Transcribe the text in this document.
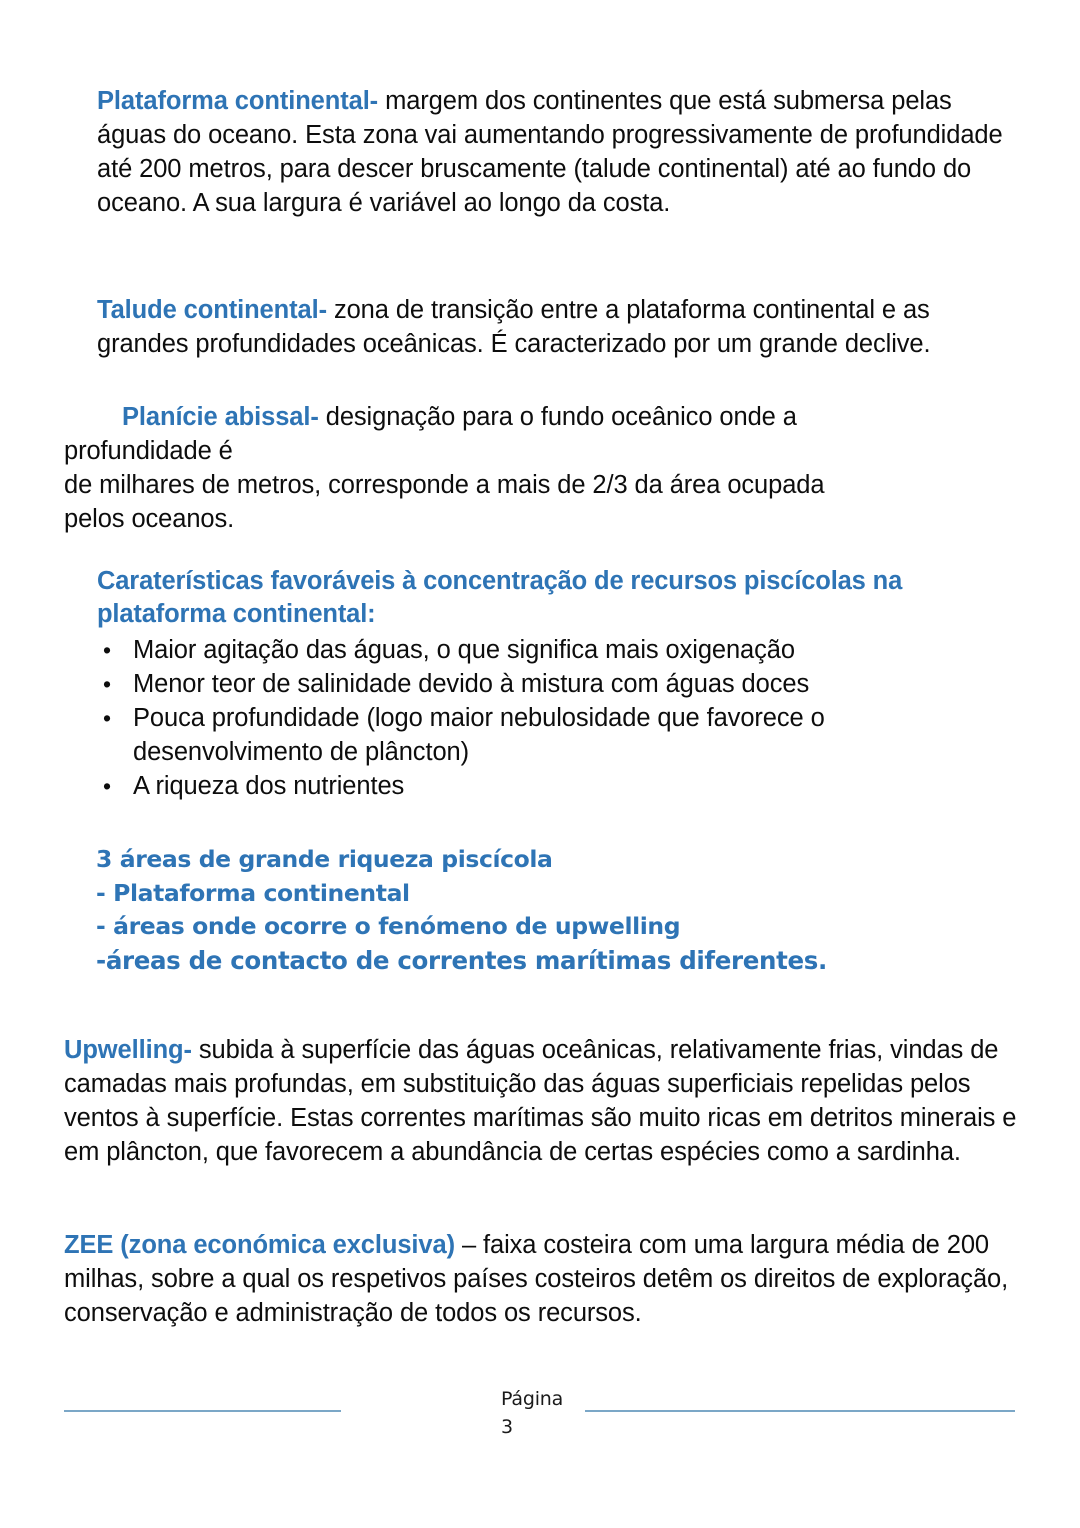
Plataforma continental- margem dos continentes que está submersa pelas águas do oceano. Esta zona vai aumentando progressivamente de profundidade até 200 metros, para descer bruscamente (talude continental) até ao fundo do oceano. A sua largura é variável ao longo da costa.

Talude continental- zona de transição entre a plataforma continental e as grandes profundidades oceânicas. É caracterizado por um grande declive.

Planície abissal- designação para o fundo oceânico onde a
profundidade é
de milhares de metros, corresponde a mais de 2/3 da área ocupada
pelos oceanos.
Caraterísticas favoráveis à concentração de recursos piscícolas na plataforma continental:
• Maior agitação das águas, o que significa mais oxigenação
• Menor teor de salinidade devido à mistura com águas doces
• Pouca profundidade (logo maior nebulosidade que favorece o desenvolvimento de plâncton)
• A riqueza dos nutrientes
3 áreas de grande riqueza piscícola
- Plataforma continental
- áreas onde ocorre o fenómeno de upwelling
-áreas de contacto de correntes marítimas diferentes.

Upwelling- subida à superfície das águas oceânicas, relativamente frias, vindas de camadas mais profundas, em substituição das águas superficiais repelidas pelos ventos à superfície. Estas correntes marítimas são muito ricas em detritos minerais e em plâncton, que favorecem a abundância de certas espécies como a sardinha.

ZEE (zona económica exclusiva) – faixa costeira com uma largura média de 200 milhas, sobre a qual os respetivos países costeiros detêm os direitos de exploração, conservação e administração de todos os recursos.

Página
3
